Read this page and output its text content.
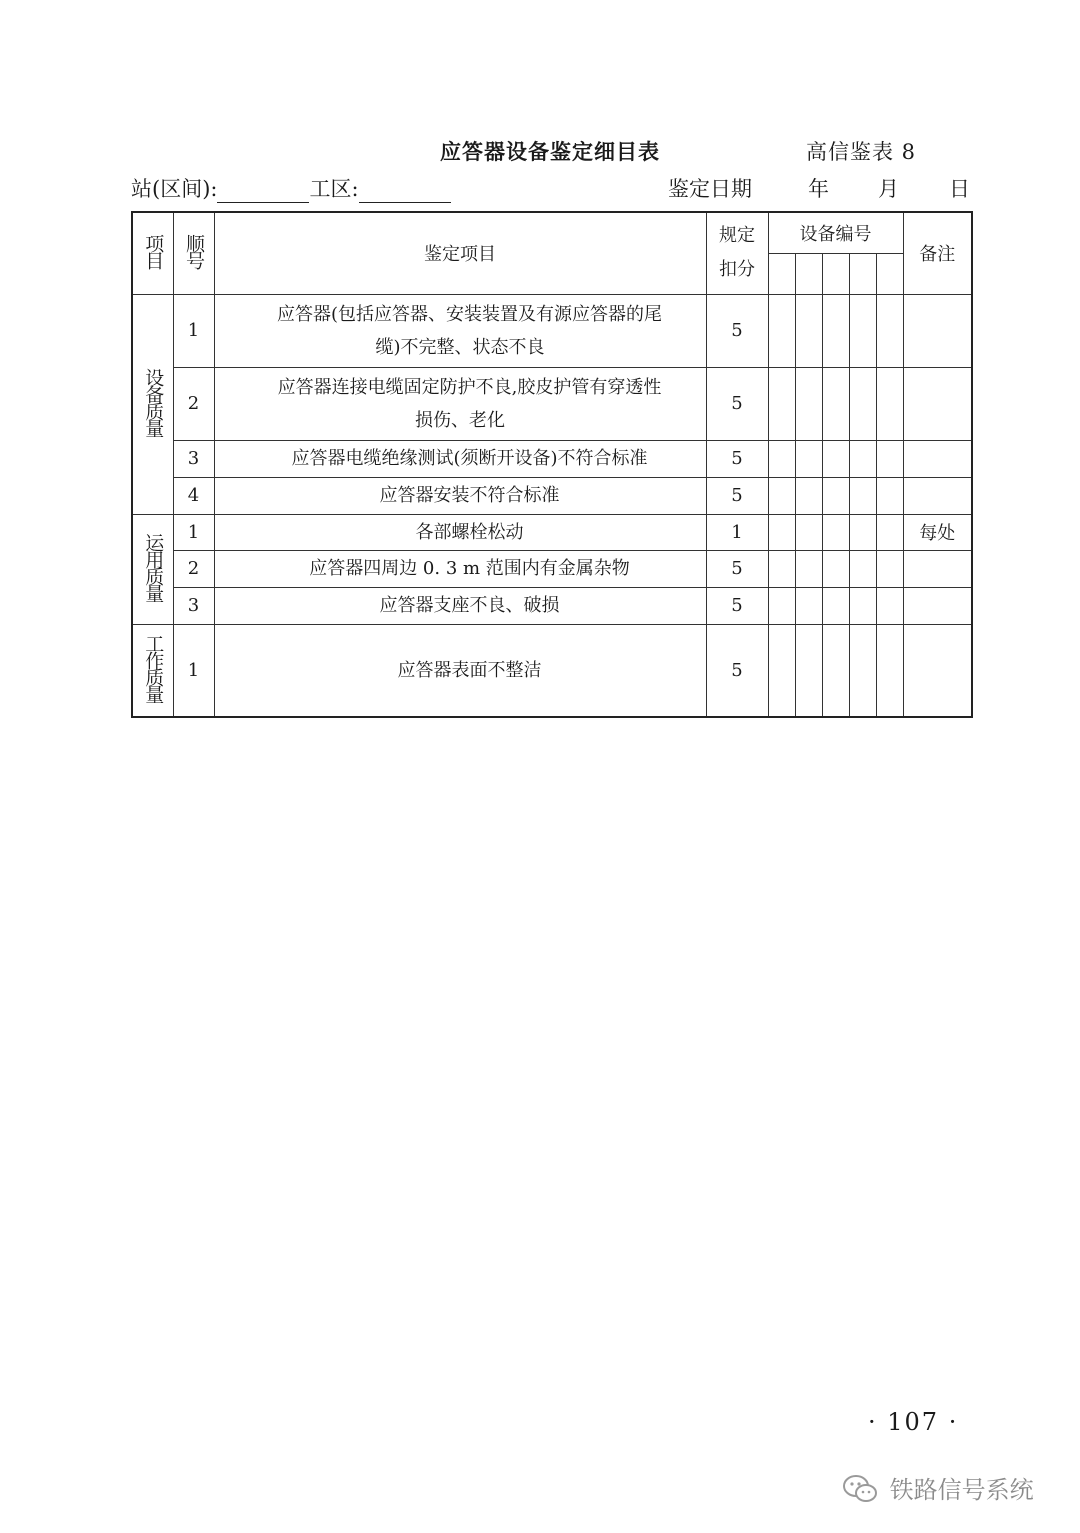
应答器设备鉴定细目表	高信鉴表 8
站(区间):	工区:	鉴定日期	年 月 日
项目	顺号	鉴定项目	规定扣分	设备编号					备注

设备质量	1	应答器(包括应答器、安装装置及有源应答器的尾
缆)不完整、状态不良	5						
	2	应答器连接电缆固定防护不良,胶皮护管有穿透性
损伤、老化	5						
	3	应答器电缆绝缘测试(须断开设备)不符合标准	5						
	4	应答器安装不符合标准	5						
运用质量	1	各部螺栓松动	1						每处
	2	应答器四周边 0. 3 m 范围内有金属杂物	5						
	3	应答器支座不良、破损	5						
工作质量	1	应答器表面不整洁	5						
· 107 ·
铁路信号系统
